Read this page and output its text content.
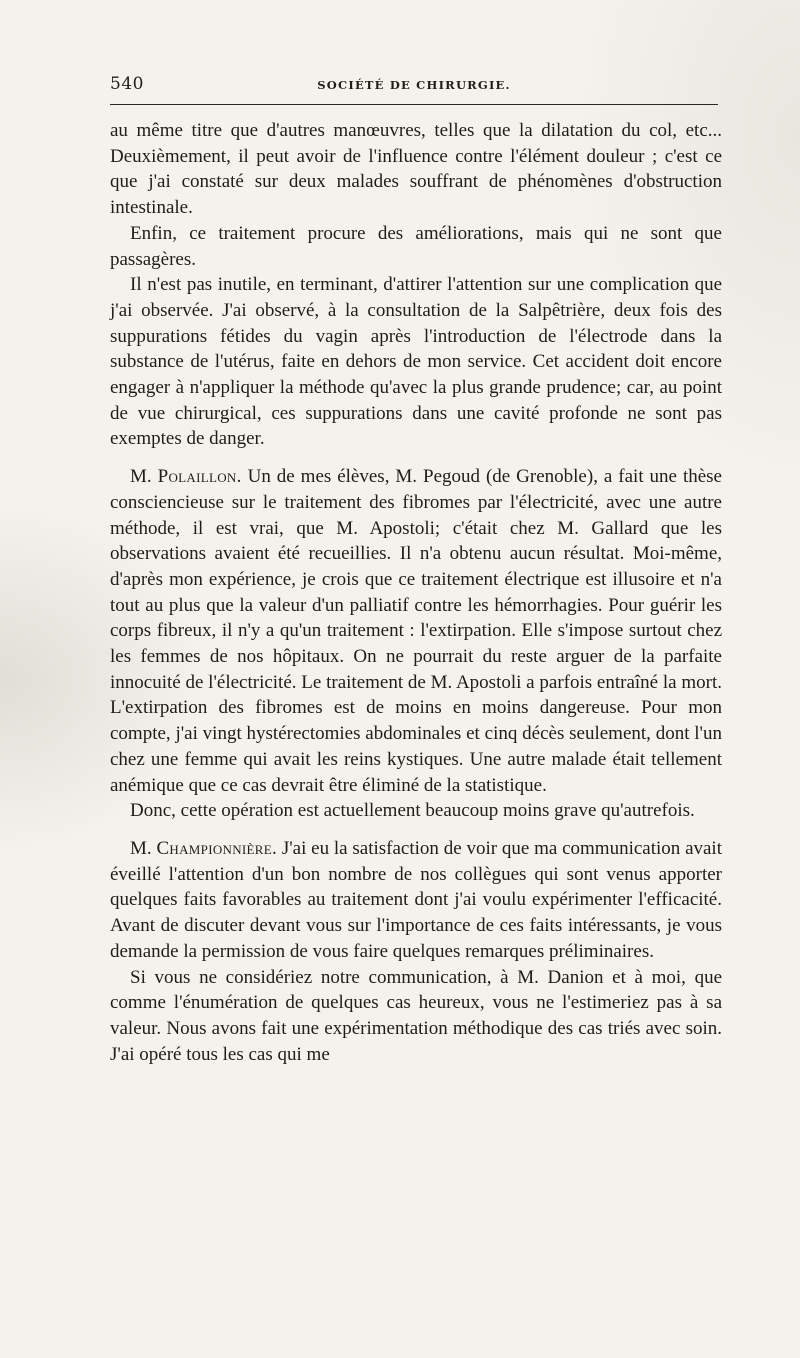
540	SOCIÉTÉ DE CHIRURGIE.

au même titre que d'autres manœuvres, telles que la dilatation du col, etc... Deuxièmement, il peut avoir de l'influence contre l'élément douleur ; c'est ce que j'ai constaté sur deux malades souffrant de phénomènes d'obstruction intestinale.

Enfin, ce traitement procure des améliorations, mais qui ne sont que passagères.

Il n'est pas inutile, en terminant, d'attirer l'attention sur une complication que j'ai observée. J'ai observé, à la consultation de la Salpêtrière, deux fois des suppurations fétides du vagin après l'introduction de l'électrode dans la substance de l'utérus, faite en dehors de mon service. Cet accident doit encore engager à n'appliquer la méthode qu'avec la plus grande prudence; car, au point de vue chirurgical, ces suppurations dans une cavité profonde ne sont pas exemptes de danger.

M. Polaillon. Un de mes élèves, M. Pegoud (de Grenoble), a fait une thèse consciencieuse sur le traitement des fibromes par l'électricité, avec une autre méthode, il est vrai, que M. Apostoli; c'était chez M. Gallard que les observations avaient été recueillies. Il n'a obtenu aucun résultat. Moi-même, d'après mon expérience, je crois que ce traitement électrique est illusoire et n'a tout au plus que la valeur d'un palliatif contre les hémorrhagies. Pour guérir les corps fibreux, il n'y a qu'un traitement : l'extirpation. Elle s'impose surtout chez les femmes de nos hôpitaux. On ne pourrait du reste arguer de la parfaite innocuité de l'électricité. Le traitement de M. Apostoli a parfois entraîné la mort. L'extirpation des fibromes est de moins en moins dangereuse. Pour mon compte, j'ai vingt hystérectomies abdominales et cinq décès seulement, dont l'un chez une femme qui avait les reins kystiques. Une autre malade était tellement anémique que ce cas devrait être éliminé de la statistique.

Donc, cette opération est actuellement beaucoup moins grave qu'autrefois.

M. Championnière. J'ai eu la satisfaction de voir que ma communication avait éveillé l'attention d'un bon nombre de nos collègues qui sont venus apporter quelques faits favorables au traitement dont j'ai voulu expérimenter l'efficacité. Avant de discuter devant vous sur l'importance de ces faits intéressants, je vous demande la permission de vous faire quelques remarques préliminaires.

Si vous ne considériez notre communication, à M. Danion et à moi, que comme l'énumération de quelques cas heureux, vous ne l'estimeriez pas à sa valeur. Nous avons fait une expérimentation méthodique des cas triés avec soin. J'ai opéré tous les cas qui me
